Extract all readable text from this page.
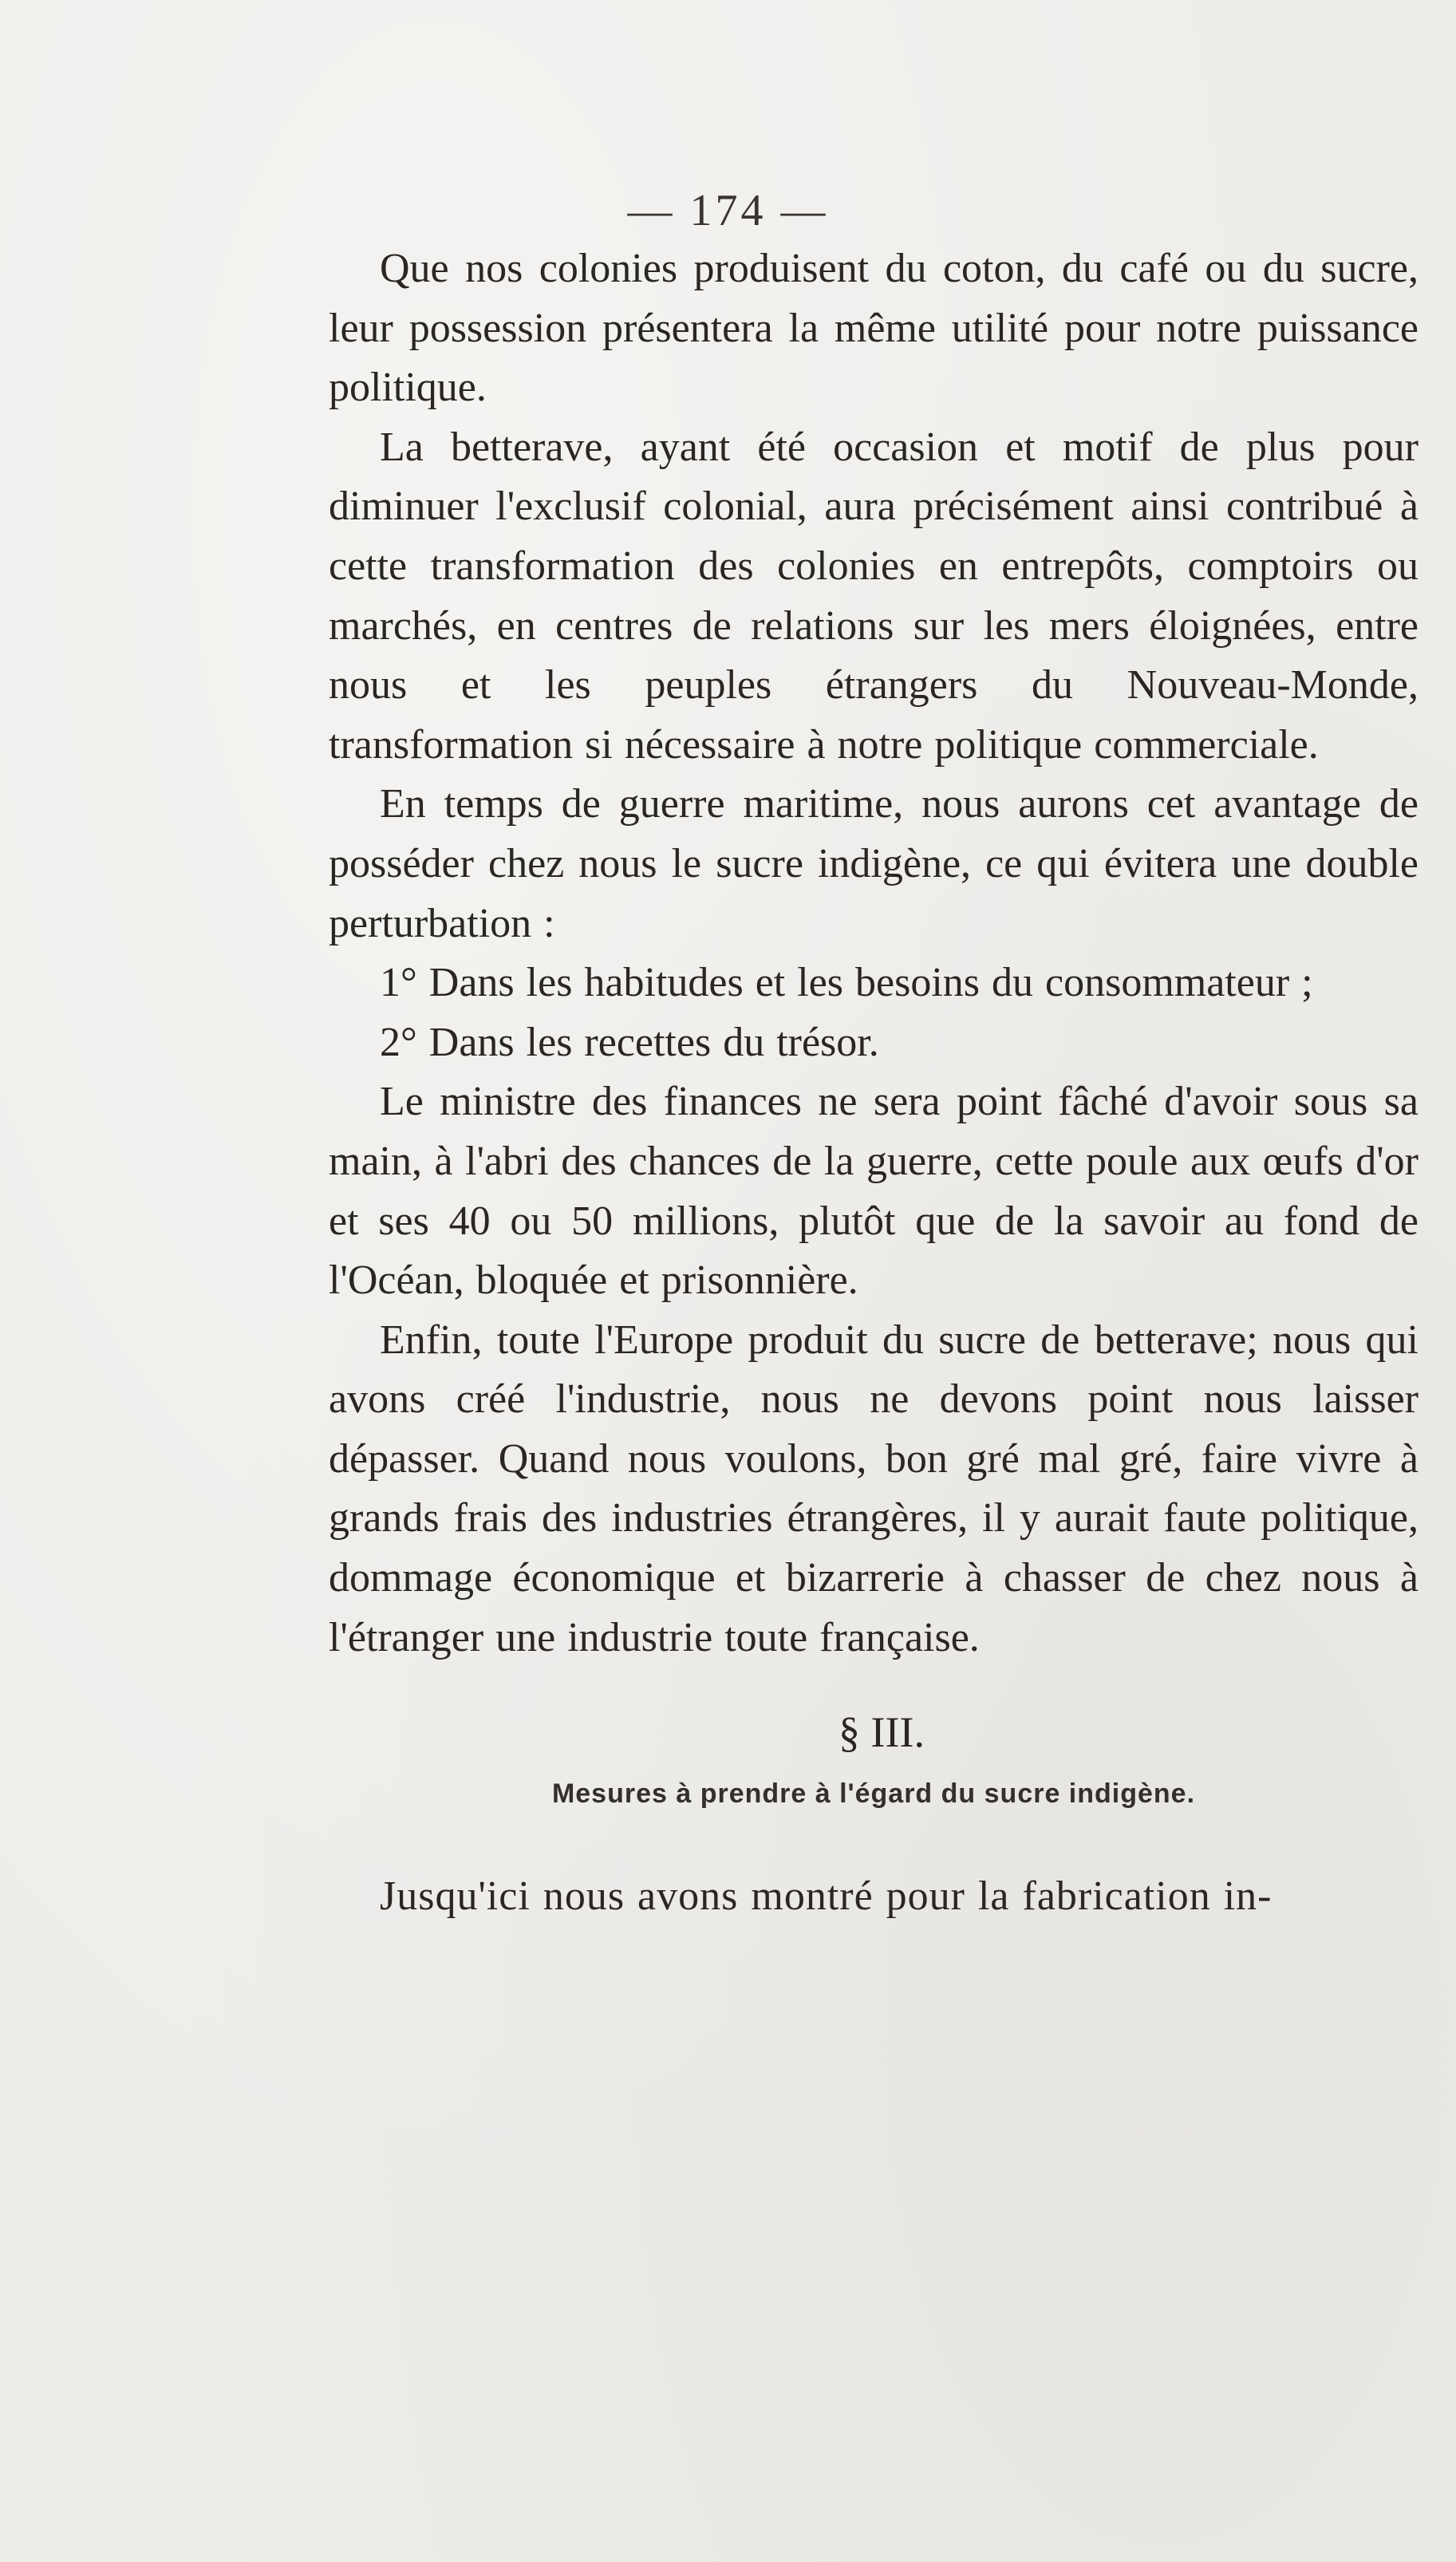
— 174 —

Que nos colonies produisent du coton, du café ou du sucre, leur possession présentera la même utilité pour notre puissance politique.

La betterave, ayant été occasion et motif de plus pour diminuer l'exclusif colonial, aura précisément ainsi contribué à cette transformation des colonies en entrepôts, comptoirs ou marchés, en centres de relations sur les mers éloignées, entre nous et les peuples étrangers du Nouveau-Monde, transformation si nécessaire à notre politique commerciale.

En temps de guerre maritime, nous aurons cet avantage de posséder chez nous le sucre indigène, ce qui évitera une double perturbation :

1° Dans les habitudes et les besoins du consommateur ;

2° Dans les recettes du trésor.

Le ministre des finances ne sera point fâché d'avoir sous sa main, à l'abri des chances de la guerre, cette poule aux œufs d'or et ses 40 ou 50 millions, plutôt que de la savoir au fond de l'Océan, bloquée et prisonnière.

Enfin, toute l'Europe produit du sucre de betterave; nous qui avons créé l'industrie, nous ne devons point nous laisser dépasser. Quand nous voulons, bon gré mal gré, faire vivre à grands frais des industries étrangères, il y aurait faute politique, dommage économique et bizarrerie à chasser de chez nous à l'étranger une industrie toute française.

§ III.
Mesures à prendre à l'égard du sucre indigène.

Jusqu'ici nous avons montré pour la fabrication in-
